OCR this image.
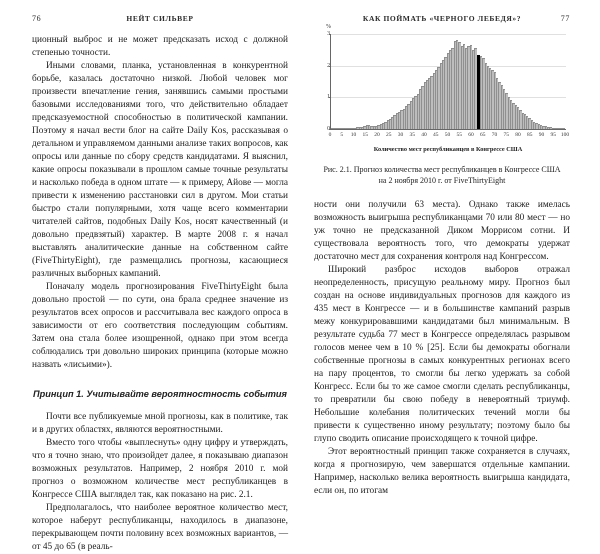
76	НЕЙТ СИЛЬВЕР

ционный выброс и не может предсказать исход с должной степенью точности.

Иными словами, планка, установленная в конкурентной борьбе, казалась достаточно низкой. Любой человек мог произвести впечатление гения, занявшись самыми простыми базовыми исследованиями того, что действительно обладает предсказуемостной способностью в политической кампании. Поэтому я начал вести блог на сайте Daily Kos, рассказывая о детальном и управляемом данными анализе таких вопросов, как опросы или данные по сбору средств кандидатами. Я выяснил, какие опросы показывали в прошлом самые точные результаты и насколько победа в одном штате — к примеру, Айове — могла привести к изменению расстановки сил в другом. Мои статьи быстро стали популярными, хотя чаще всего комментарии читателей сайтов, подобных Daily Kos, носят качественный (и довольно предвзятый) характер. В марте 2008 г. я начал выставлять аналитические данные на собственном сайте (FiveThirtyEight), где размещались прогнозы, касающиеся различных выборных кампаний.

Поначалу модель прогнозирования FiveThirtyEight была довольно простой — по сути, она брала среднее значение из результатов всех опросов и рассчитывала вес каждого опроса в зависимости от его соответствия последующим событиям. Затем она стала более изощренной, однако при этом всегда соблюдались три довольно широких принципа (которые можно назвать «лисьими»).

Принцип 1. Учитывайте вероятностность события

Почти все публикуемые мной прогнозы, как в политике, так и в других областях, являются вероятностными.

Вместо того чтобы «выплеснуть» одну цифру и утверждать, что я точно знаю, что произойдет далее, я показываю диапазон возможных результатов. Например, 2 ноября 2010 г. мой прогноз о возможном количестве мест республиканцев в Конгрессе США выглядел так, как показано на рис. 2.1.

Предполагалось, что наиболее вероятное количество мест, которое наберут республиканцы, находилось в диапазоне, перекрывающем почти половину всех возможных вариантов, — от 45 до 65 (в реаль-

КАК ПОЙМАТЬ «ЧЕРНОГО ЛЕБЕДЯ»?	77
%
0 5 10 15 20 25 30 35 40 45 50 55 60 65 70 75 80 85 90 95 100
Количество мест республиканцев в Конгрессе США
Рис. 2.1. Прогноз количества мест республиканцев в Конгрессе США
на 2 ноября 2010 г. от FiveThirtyEight

ности они получили 63 места). Однако также имелась возможность выигрыша республиканцами 70 или 80 мест — но уж точно не предсказанной Диком Моррисом сотни. И существовала вероятность того, что демократы удержат достаточно мест для сохранения контроля над Конгрессом.

Широкий разброс исходов выборов отражал неопределенность, присущую реальному миру. Прогноз был создан на основе индивидуальных прогнозов для каждого из 435 мест в Конгрессе — и в большинстве кампаний разрыв межу конкурировавшими кандидатами был минимальным. В результате судьба 77 мест в Конгрессе определялась разрывом голосов менее чем в 10 % [25]. Если бы демократы обогнали собственные прогнозы в самых конкурентных регионах всего на пару процентов, то смогли бы легко удержать за собой Конгресс. Если бы то же самое смогли сделать республиканцы, то превратили бы свою победу в невероятный триумф. Небольшие колебания политических течений могли бы привести к существенно иному результату; поэтому было бы глупо сводить описание происходящего к точной цифре.

Этот вероятностный принцип также сохраняется в случаях, когда я прогнозирую, чем завершатся отдельные кампании. Например, насколько велика вероятность выигрыша кандидата, если он, по итогам
